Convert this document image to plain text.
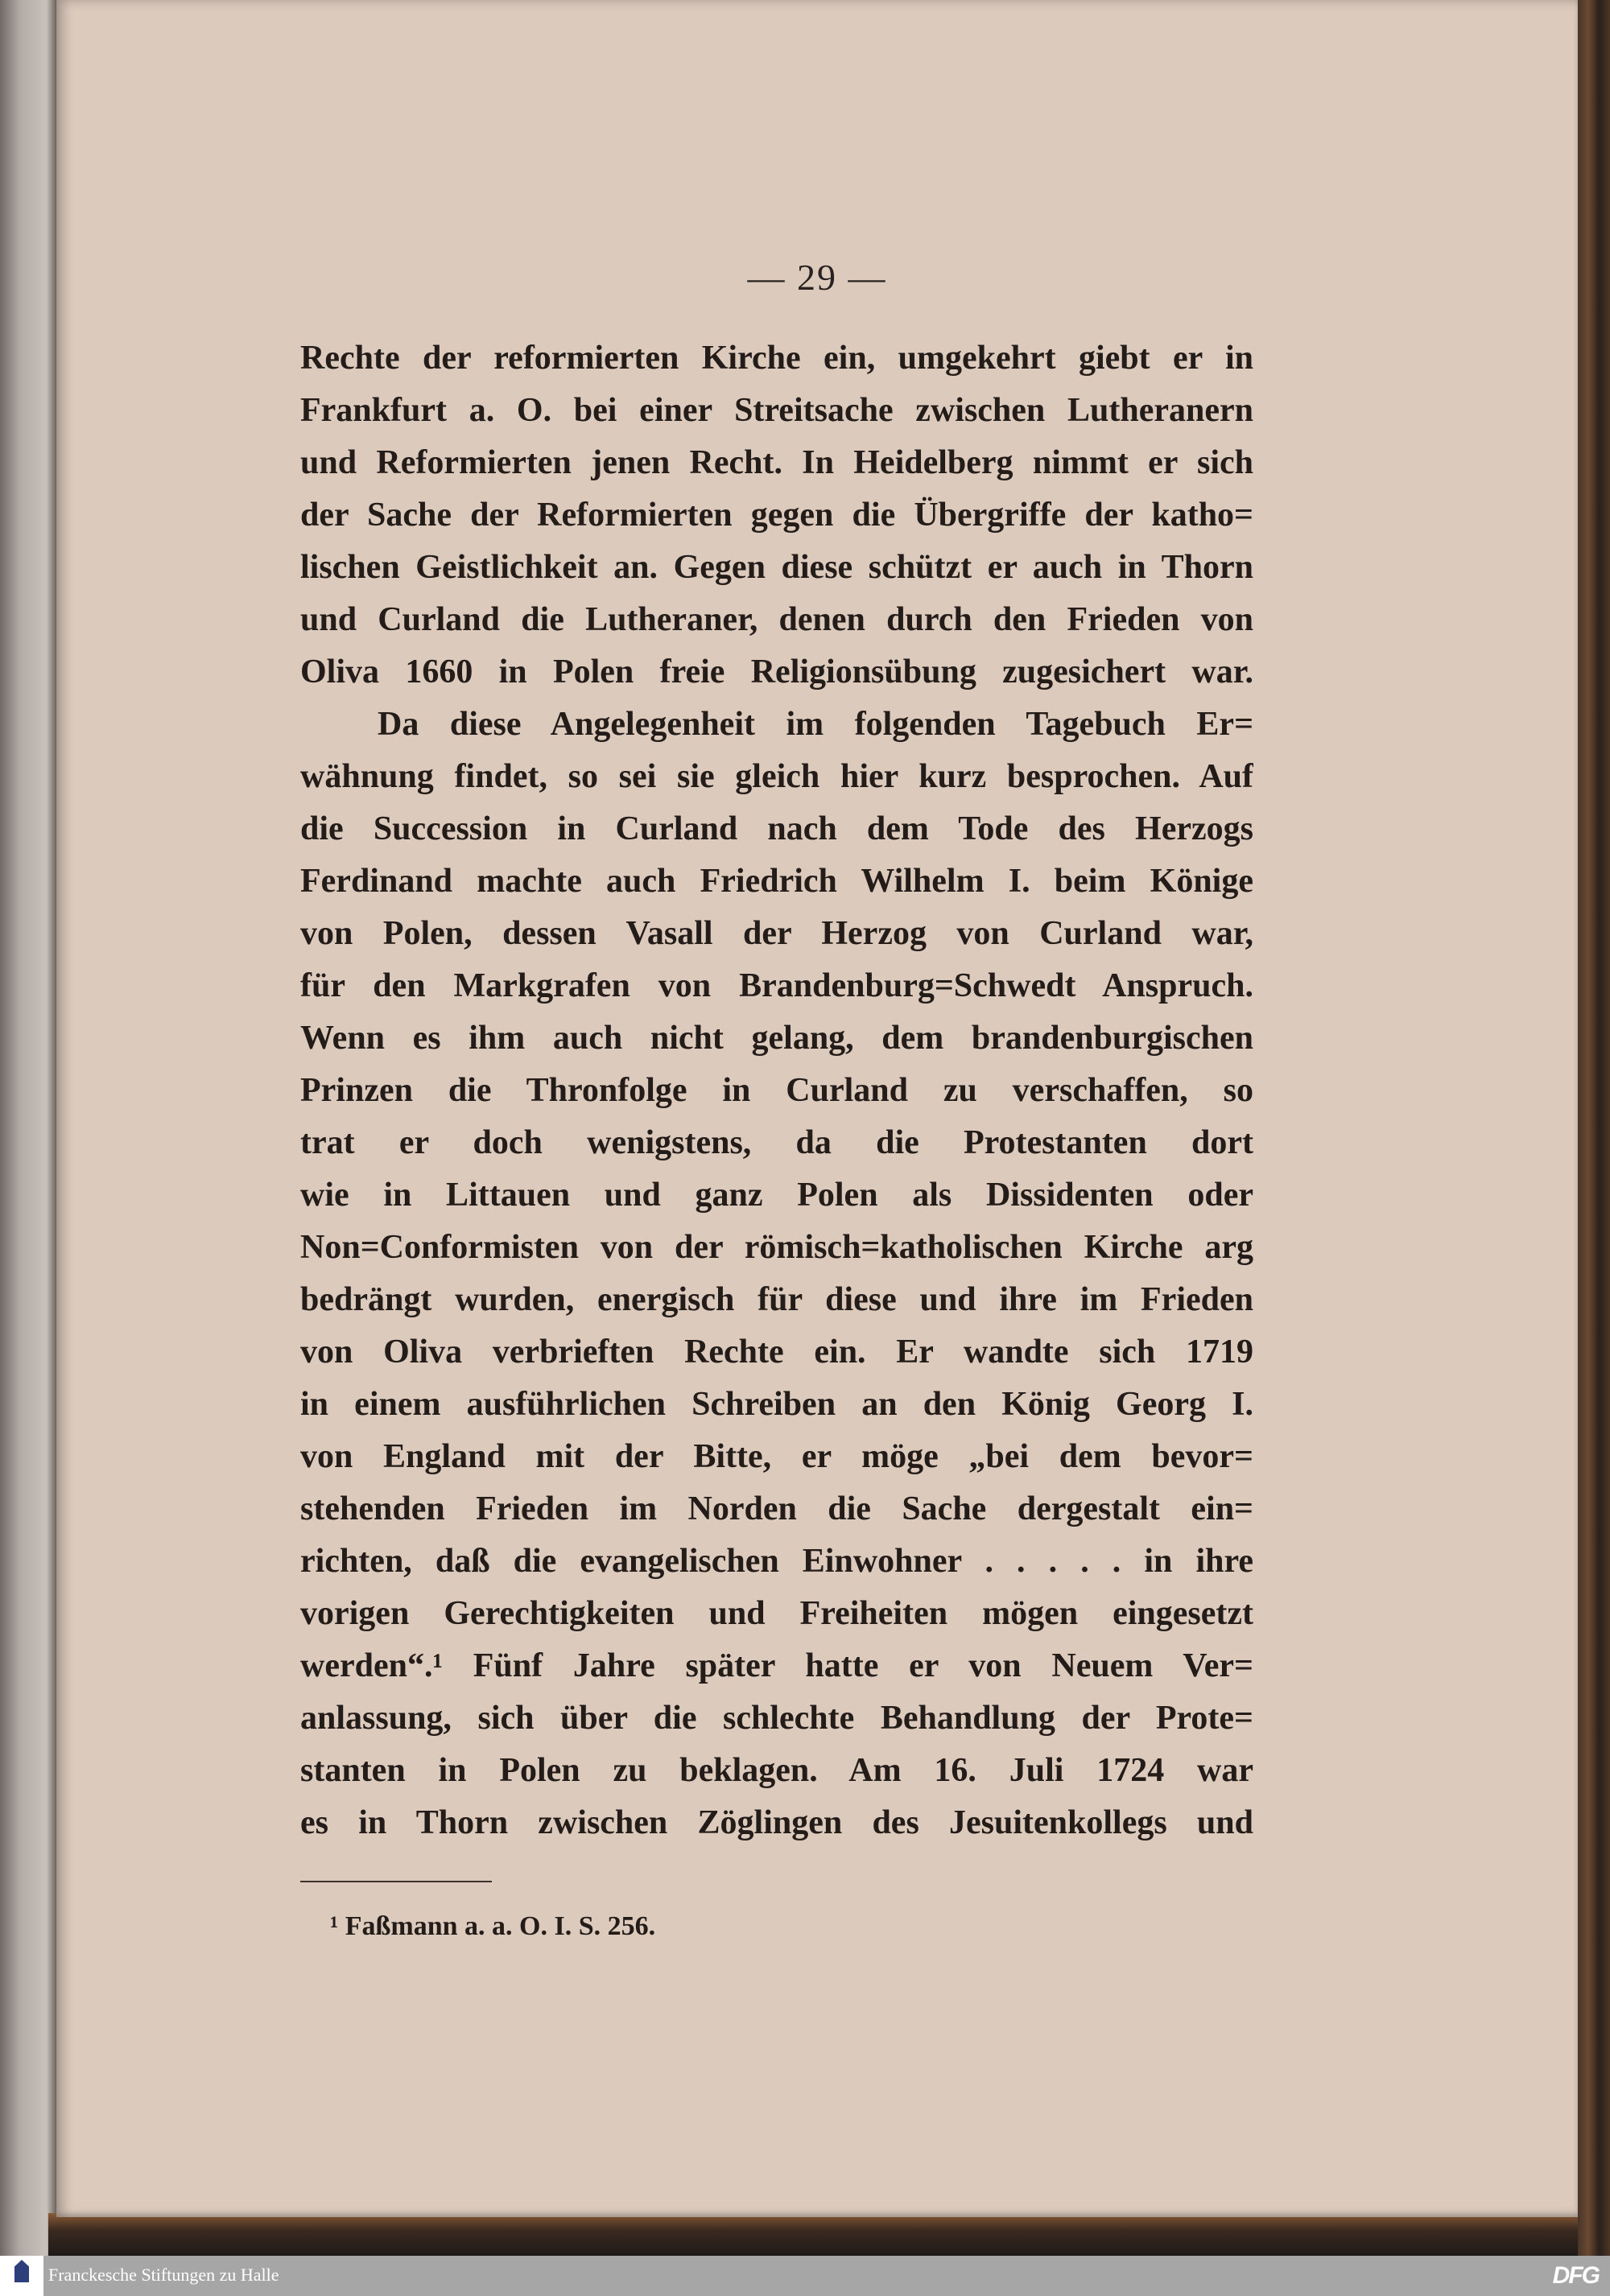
— 29 —
Rechte der reformierten Kirche ein, umgekehrt giebt er in
Frankfurt a. O. bei einer Streitsache zwischen Lutheranern
und Reformierten jenen Recht. In Heidelberg nimmt er sich
der Sache der Reformierten gegen die Übergriffe der katho=
lischen Geistlichkeit an. Gegen diese schützt er auch in Thorn
und Curland die Lutheraner, denen durch den Frieden von
Oliva 1660 in Polen freie Religionsübung zugesichert war.
Da diese Angelegenheit im folgenden Tagebuch Er=
wähnung findet, so sei sie gleich hier kurz besprochen. Auf
die Succession in Curland nach dem Tode des Herzogs
Ferdinand machte auch Friedrich Wilhelm I. beim Könige
von Polen, dessen Vasall der Herzog von Curland war,
für den Markgrafen von Brandenburg=Schwedt Anspruch.
Wenn es ihm auch nicht gelang, dem brandenburgischen
Prinzen die Thronfolge in Curland zu verschaffen, so
trat er doch wenigstens, da die Protestanten dort
wie in Littauen und ganz Polen als Dissidenten oder
Non=Conformisten von der römisch=katholischen Kirche arg
bedrängt wurden, energisch für diese und ihre im Frieden
von Oliva verbrieften Rechte ein. Er wandte sich 1719
in einem ausführlichen Schreiben an den König Georg I.
von England mit der Bitte, er möge „bei dem bevor=
stehenden Frieden im Norden die Sache dergestalt ein=
richten, daß die evangelischen Einwohner . . . . . in ihre
vorigen Gerechtigkeiten und Freiheiten mögen eingesetzt
werden“.¹ Fünf Jahre später hatte er von Neuem Ver=
anlassung, sich über die schlechte Behandlung der Prote=
stanten in Polen zu beklagen. Am 16. Juli 1724 war
es in Thorn zwischen Zöglingen des Jesuitenkollegs und
¹ Faßmann a. a. O. I. S. 256.
Franckesche Stiftungen zu Halle	DFG
